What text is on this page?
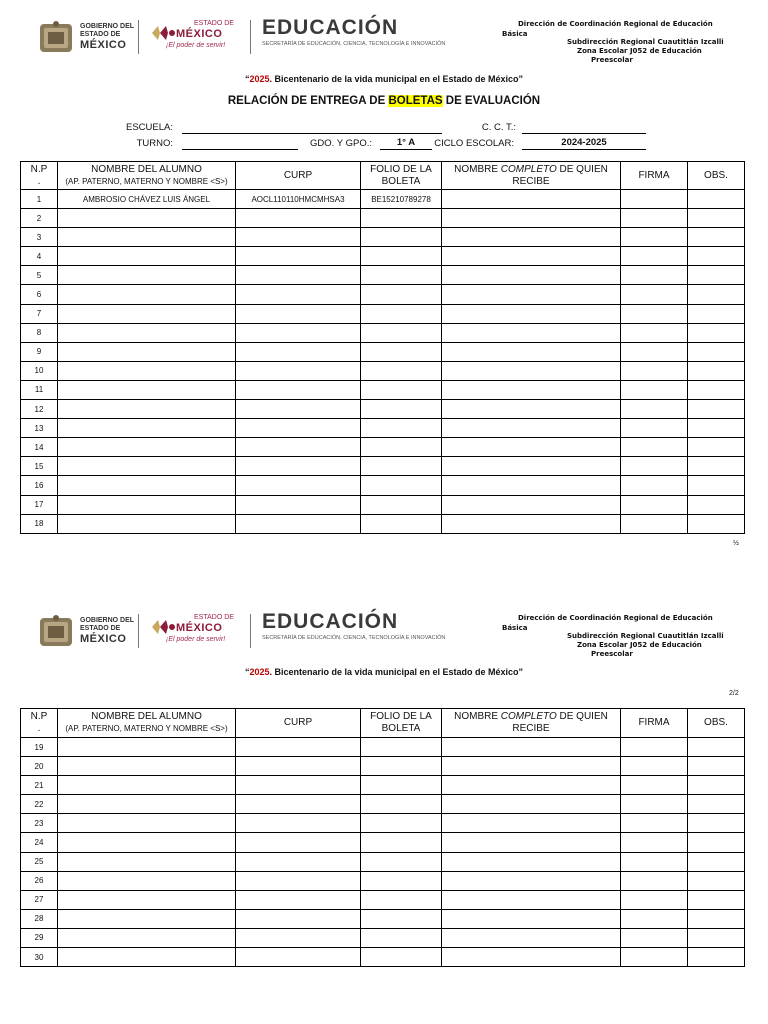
GOBIERNO DEL
ESTADO DE
MÉXICO
ESTADO DE
MÉXICO
¡El poder de servir!
EDUCACIÓN
SECRETARÍA DE EDUCACIÓN, CIENCIA, TECNOLOGÍA E INNOVACIÓN
Dirección de Coordinación Regional de Educación
Básica
Subdirección Regional Cuautitlán Izcalli
Zona Escolar J052 de Educación
Preescolar
“2025. Bicentenario de la vida municipal en el Estado de México”
RELACIÓN DE ENTREGA DE BOLETAS DE EVALUACIÓN
ESCUELA:	C. C. T.:
TURNO:	GDO. Y GPO.:	1° A	CICLO ESCOLAR:	2024-2025
N.P
.	NOMBRE DEL ALUMNO
(AP. PATERNO, MATERNO Y NOMBRE <S>)	CURP	FOLIO DE LA
BOLETA	NOMBRE COMPLETO DE QUIEN
RECIBE	FIRMA	OBS.
1	AMBROSIO CHÁVEZ LUIS ÁNGEL	AOCL110110HMCMHSA3	BE15210789278			
2						
3						
4						
5						
6						
7						
8						
9						
10						
11						
12						
13						
14						
15						
16						
17						
18						
½
GOBIERNO DEL
ESTADO DE
MÉXICO
ESTADO DE
MÉXICO
¡El poder de servir!
EDUCACIÓN
SECRETARÍA DE EDUCACIÓN, CIENCIA, TECNOLOGÍA E INNOVACIÓN
Dirección de Coordinación Regional de Educación
Básica
Subdirección Regional Cuautitlán Izcalli
Zona Escolar J052 de Educación
Preescolar
“2025. Bicentenario de la vida municipal en el Estado de México”
2/2
N.P
.	NOMBRE DEL ALUMNO
(AP. PATERNO, MATERNO Y NOMBRE <S>)	CURP	FOLIO DE LA
BOLETA	NOMBRE COMPLETO DE QUIEN
RECIBE	FIRMA	OBS.
19						
20						
21						
22						
23						
24						
25						
26						
27						
28						
29						
30						
